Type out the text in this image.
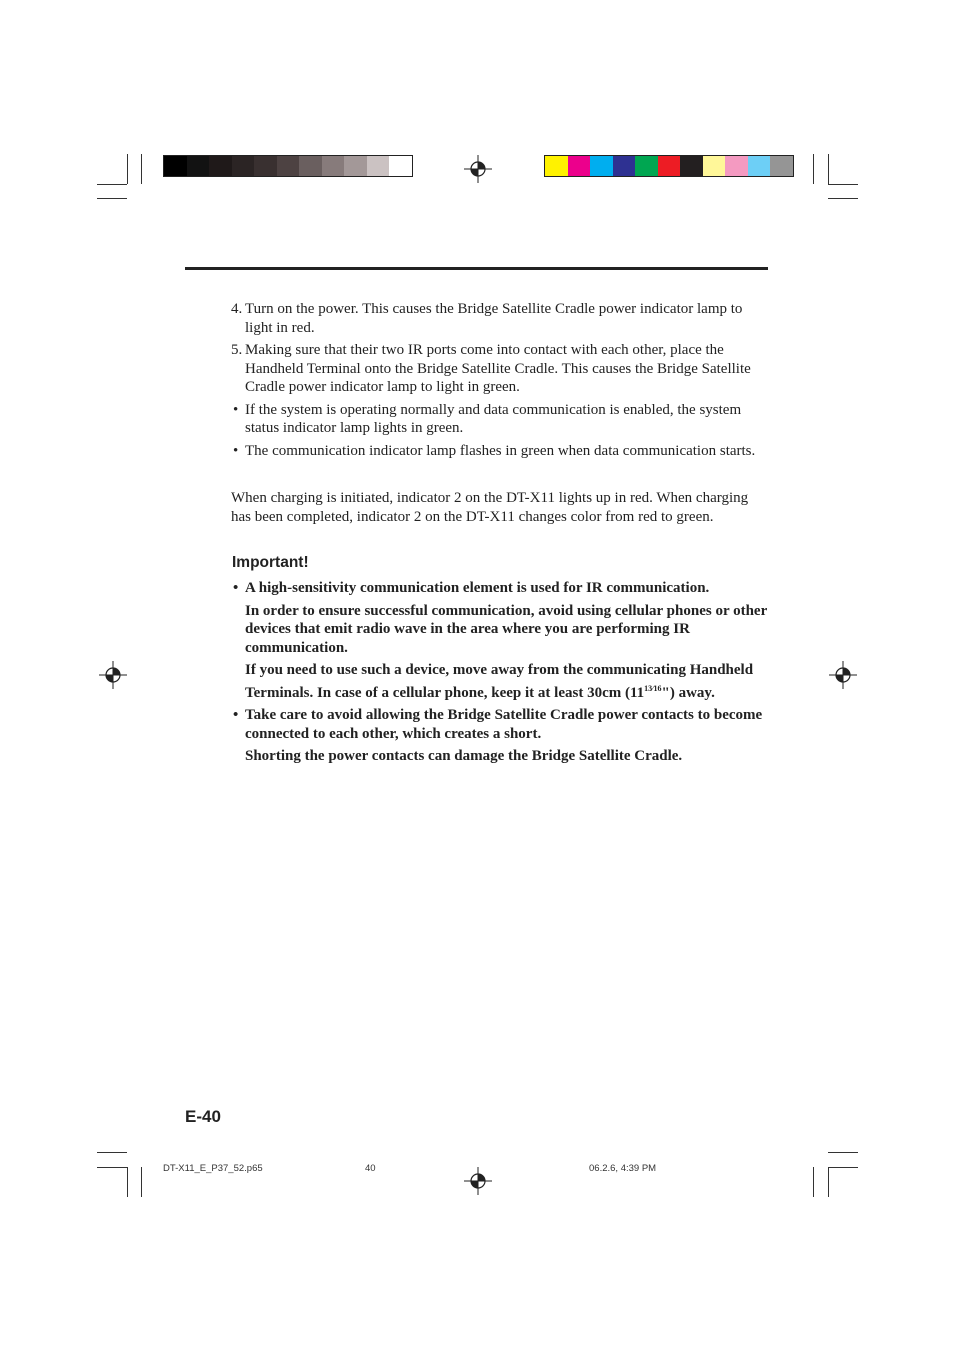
4. Turn on the power. This causes the Bridge Satellite Cradle power indicator lamp to light in red.

5. Making sure that their two IR ports come into contact with each other, place the Handheld Terminal onto the Bridge Satellite Cradle. This causes the Bridge Satellite Cradle power indicator lamp to light in green.

• If the system is operating normally and data communication is enabled, the system status indicator lamp lights in green.

• The communication indicator lamp flashes in green when data communication starts.

When charging is initiated, indicator 2 on the DT-X11 lights up in red. When charging has been completed, indicator 2 on the DT-X11 changes color from red to green.

Important!

• A high-sensitivity communication element is used for IR communication.

In order to ensure successful communication, avoid using cellular phones or other devices that emit radio wave in the area where you are performing IR communication.

If you need to use such a device, move away from the communicating Handheld Terminals. In case of a cellular phone, keep it at least 30cm $(11^{13⁄16}")$ away.

• Take care to avoid allowing the Bridge Satellite Cradle power contacts to become connected to each other, which creates a short.

Shorting the power contacts can damage the Bridge Satellite Cradle.

E-40
DT-X11_E_P37_52.p65	40	06.2.6, 4:39 PM
